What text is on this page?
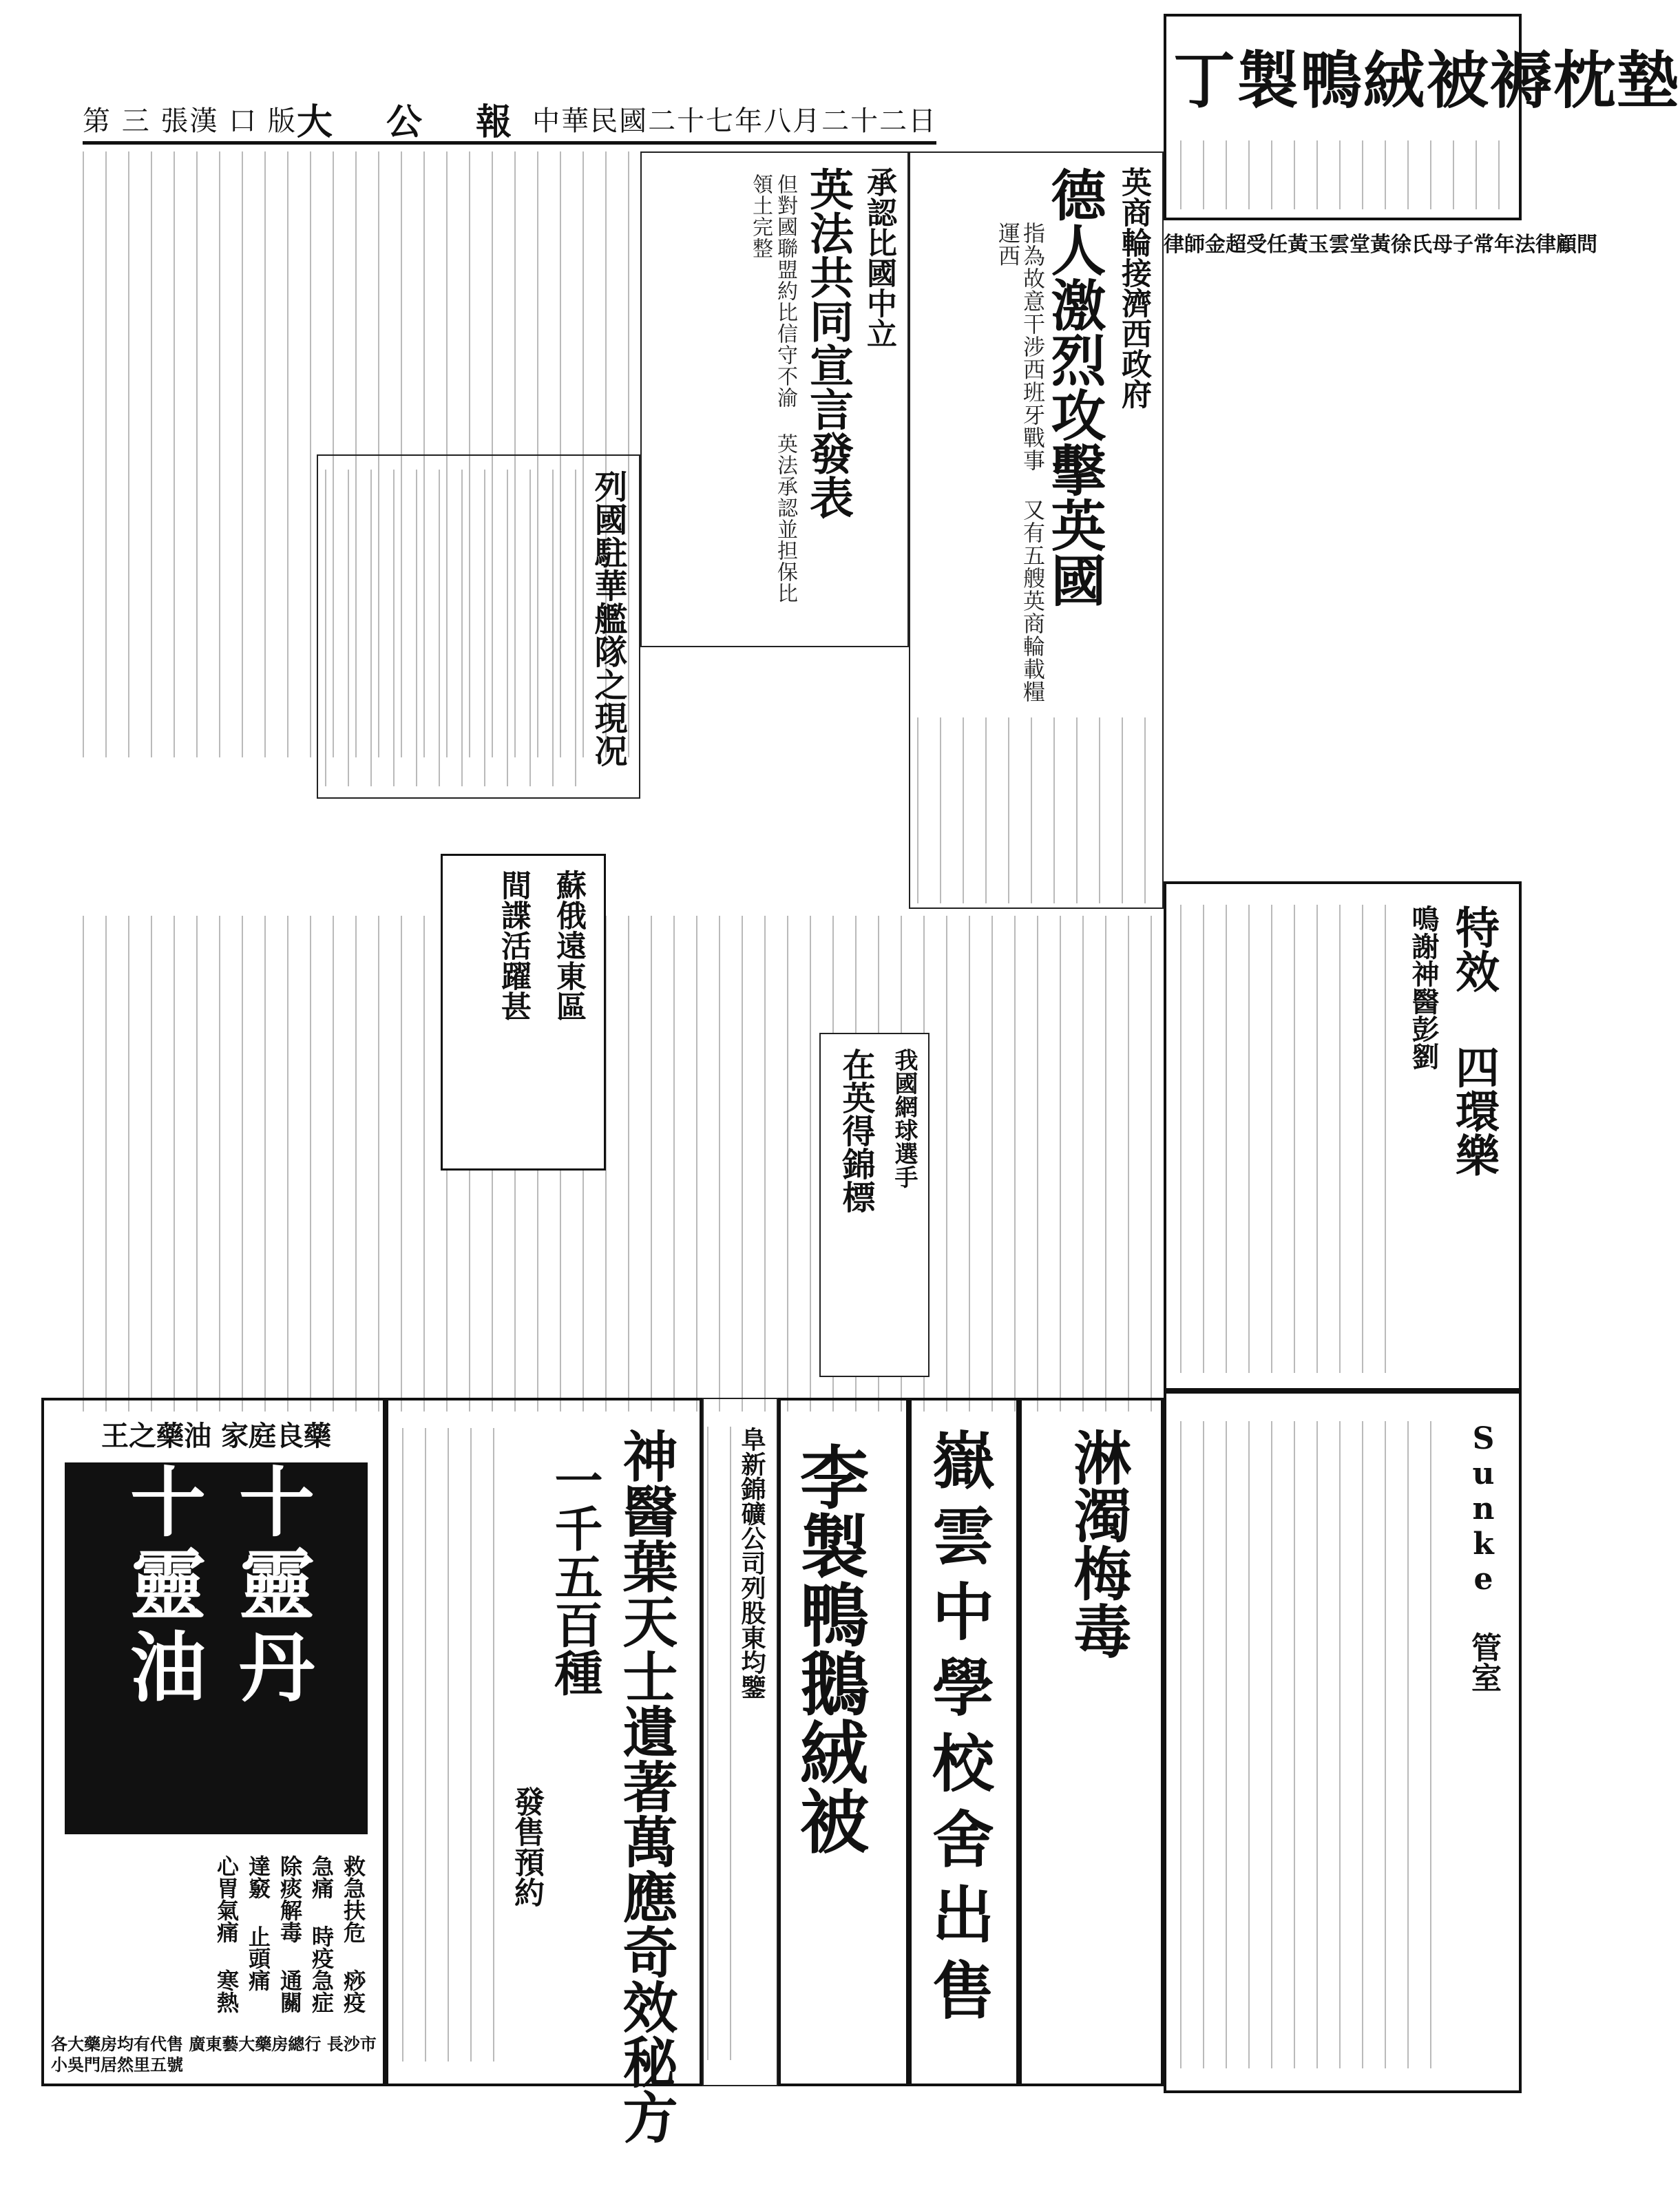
第 三 張 漢 口 版 大 公 報 中華民國二十七年八月二十二日
丁製鴨絨被褥枕墊
律師金超受任黃玉雲堂黃徐氏母子常年法律顧問
英商輪接濟西政府
德人激烈攻擊英國
指為故意干涉西班牙戰事 又有五艘英商輪載糧運西
承認比國中立
英法共同宣言發表
但對國聯盟約比信守不渝 英法承認並担保比領土完整
列國駐華艦隊之現况
蘇俄遠東區
間諜活躍甚
我國網球選手
在英得錦標	特效 四環樂
鳴謝神醫彭劉
Sunke 管室
淋濁梅毒
嶽雲中學校舍出售
李製鴨鵝絨被
阜新錦礦公司列股東均鑒
神醫葉天士遺著萬應奇效秘方
一千五百種
發售預約
王之藥油 家庭良藥
十靈丹 十靈油
救急扶危 痧疫急痛 時疫急症 除痰解毒 通關達竅 止頭痛 心胃氣痛 寒熱
各大藥房均有代售 廣東藝大藥房總行 長沙市小吳門居然里五號
